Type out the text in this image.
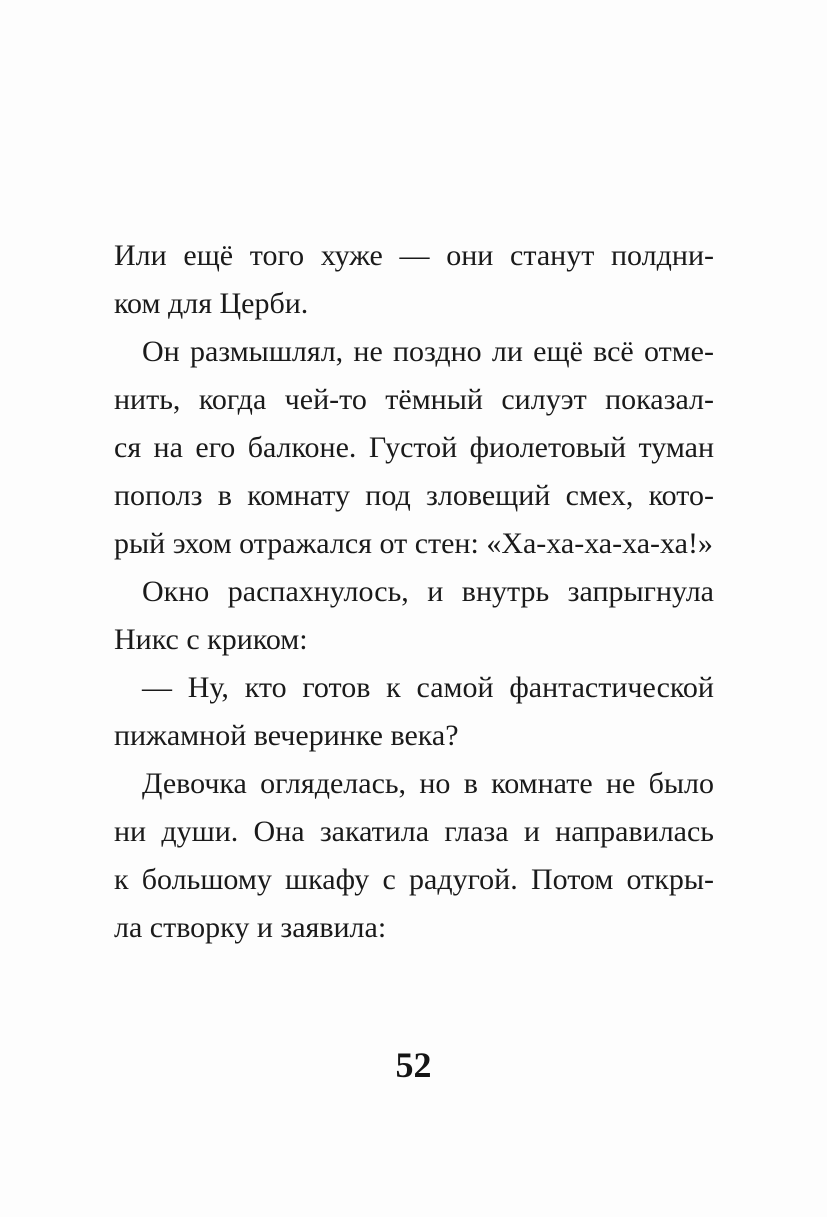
Или ещё того хуже — они станут полдни-
ком для Церби.
Он размышлял, не поздно ли ещё всё отме-
нить, когда чей-то тёмный силуэт показал-
ся на его балконе. Густой фиолетовый туман
пополз в комнату под зловещий смех, кото-
рый эхом отражался от стен: «Ха-ха-ха-ха-ха!»
Окно распахнулось, и внутрь запрыгнула
Никс с криком:
— Ну, кто готов к самой фантастической
пижамной вечеринке века?
Девочка огляделась, но в комнате не было
ни души. Она закатила глаза и направилась
к большому шкафу с радугой. Потом откры-
ла створку и заявила:
52
